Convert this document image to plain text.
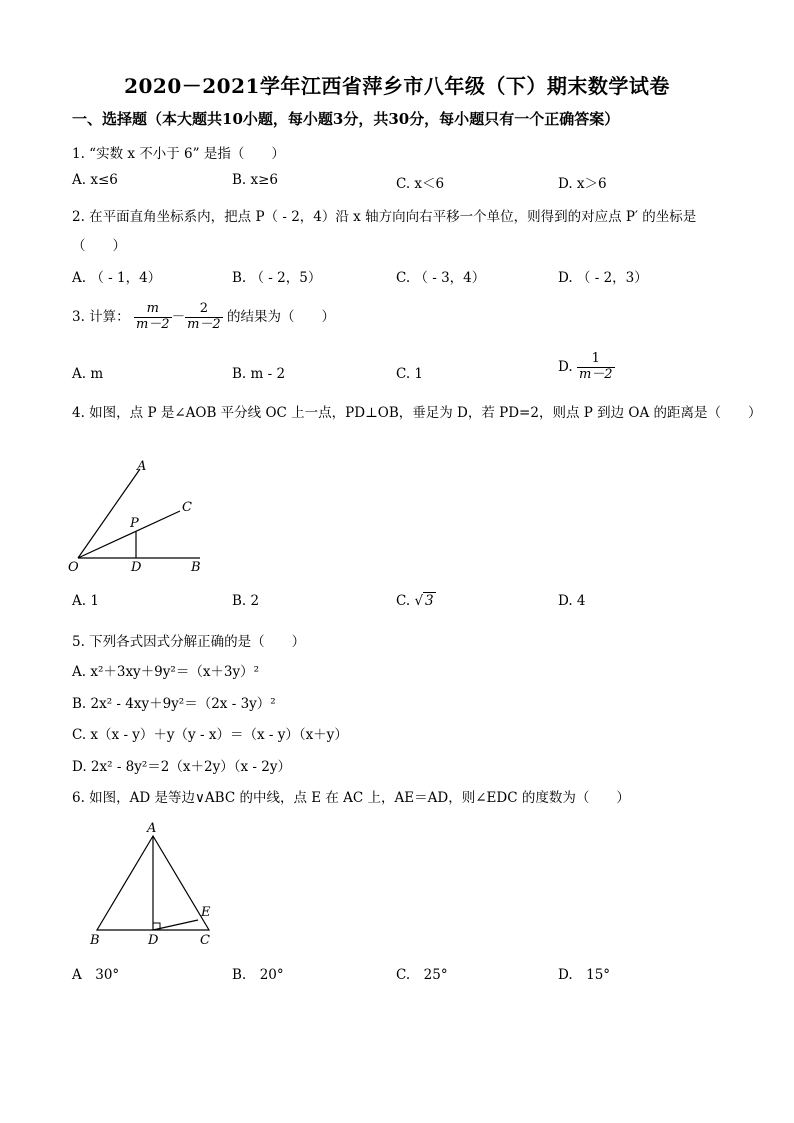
2020－2021学年江西省萍乡市八年级（下）期末数学试卷
一、选择题（本大题共10小题，每小题3分，共30分，每小题只有一个正确答案）
1. “实数 x 不小于 6” 是指（　　）
A. x≤6	B. x≥6	C. x＜6	D. x＞6
2. 在平面直角坐标系内，把点 P（ - 2，4）沿 x 轴方向向右平移一个单位，则得到的对应点 P′ 的坐标是
（　　）
A. （ - 1，4）	B. （ - 2，5）	C. （ - 3，4）	D. （ - 2，3）
3. 计算： $\frac{m}{m-2} - \frac{2}{m-2}$ 的结果为（　　）
A. m	B. m - 2	C. 1	D. $\frac{1}{m-2}$
4. 如图，点 P 是∠AOB 平分线 OC 上一点，PD⊥OB，垂足为 D，若 PD=2，则点 P 到边 OA 的距离是（　　）
A
C
P
O	D	B
A. 1	B. 2	C. √ 3	D. 4
5. 下列各式因式分解正确的是（　　）
A. x²＋3xy＋9y²＝（x＋3y）²
B. 2x² - 4xy＋9y²＝（2x - 3y）²
C. x（x - y）＋y（y - x）＝（x - y）（x＋y）
D. 2x² - 8y²＝2（x＋2y）（x - 2y）
6. 如图，AD 是等边∨ABC 的中线，点 E 在 AC 上，AE＝AD，则∠EDC 的度数为（　　）
A
B	D	C
E
A　30°	B.　20°	C.　25°	D.　15°
